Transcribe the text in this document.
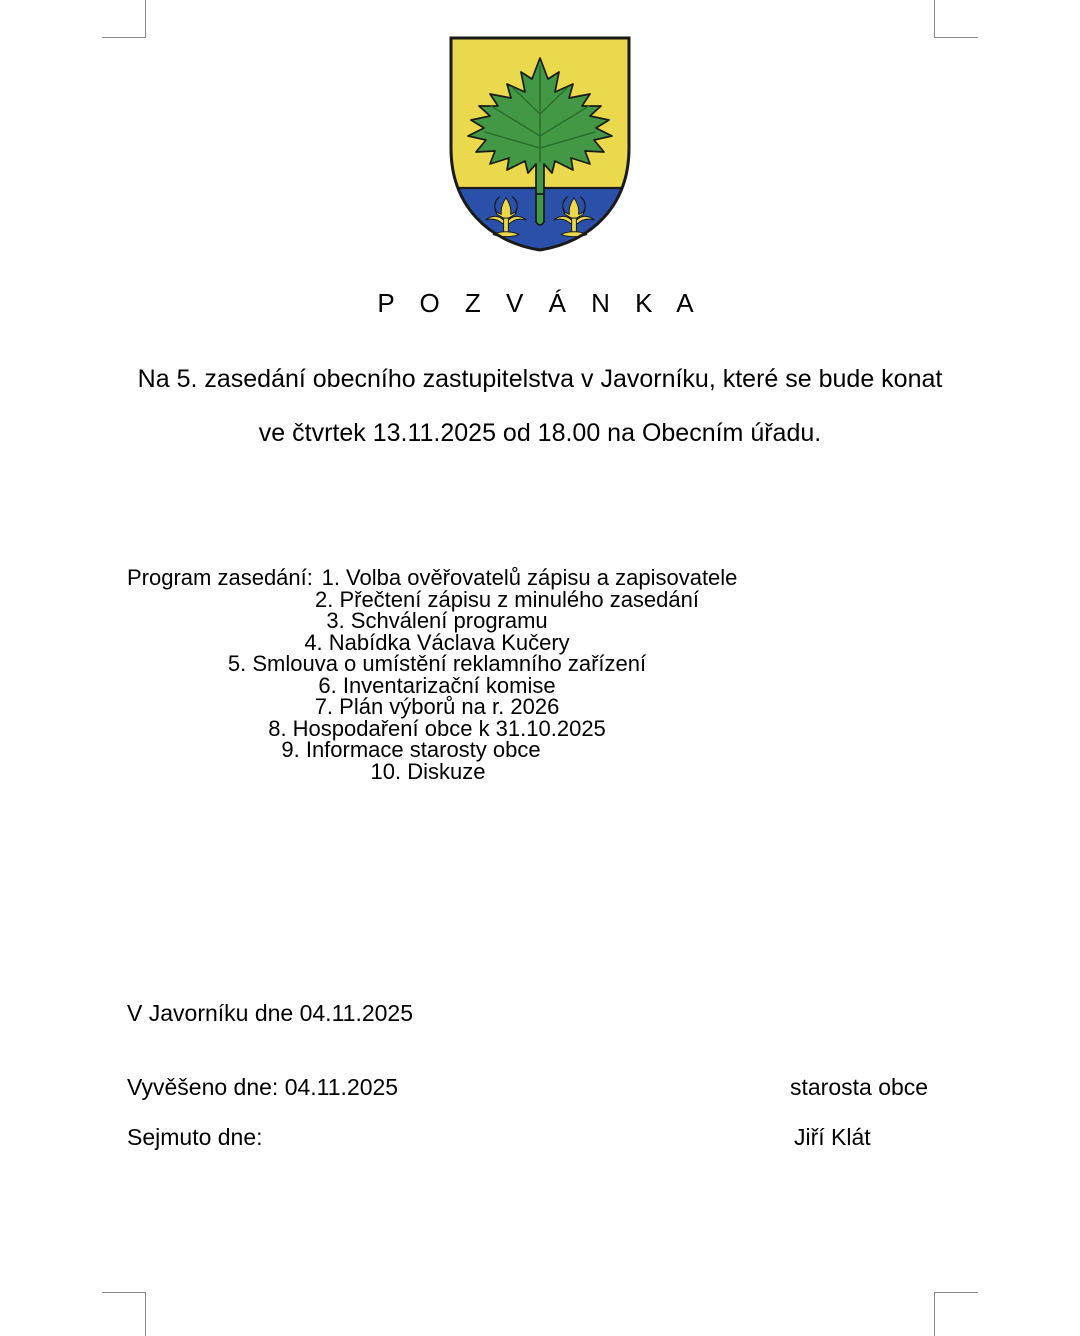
P O Z V Á N K A
Na 5. zasedání obecního zastupitelstva v Javorníku, které se bude konat
ve čtvrtek 13.11.2025 od 18.00 na Obecním úřadu.
Program zasedání: 1. Volba ověřovatelů zápisu a zapisovatele
2. Přečtení zápisu z minulého zasedání
3. Schválení programu
4. Nabídka Václava Kučery
5. Smlouva o umístění reklamního zařízení
6. Inventarizační komise
7. Plán výborů na r. 2026
8. Hospodaření obce k 31.10.2025
9. Informace starosty obce
10. Diskuze
V Javorníku dne 04.11.2025
Vyvěšeno dne: 04.11.2025
Sejmuto dne:
starosta obce
Jiří Klát
